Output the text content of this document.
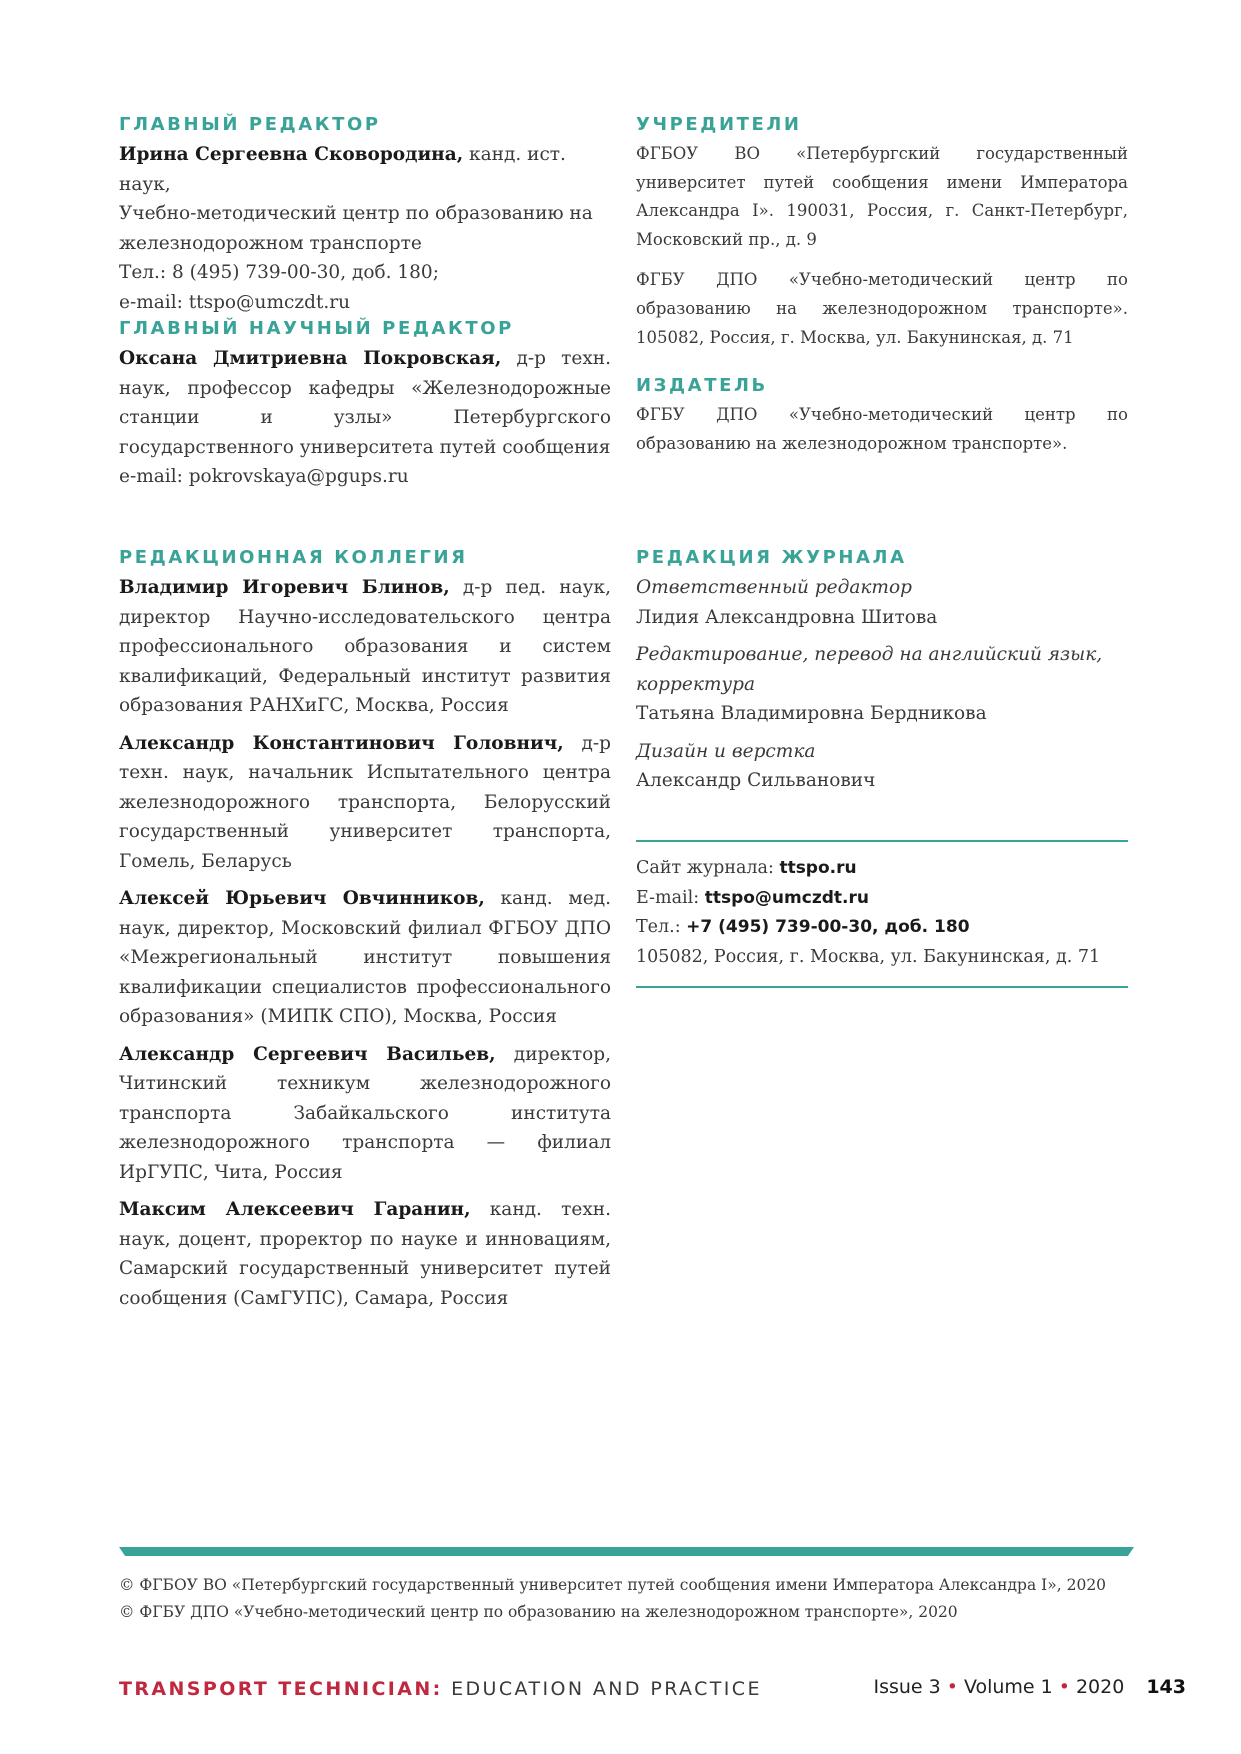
ГЛАВНЫЙ РЕДАКТОР
Ирина Сергеевна Сковородина, канд. ист. наук,
Учебно-методический центр по образованию на
железнодорожном транспорте
Тел.: 8 (495) 739-00-30, доб. 180;
e-mail: ttspo@umczdt.ru
ГЛАВНЫЙ НАУЧНЫЙ РЕДАКТОР
Оксана Дмитриевна Покровская, д-р техн. наук, профессор кафедры «Железнодорожные станции и узлы» Петербургского государственного университета путей сообщения
e-mail: pokrovskaya@pgups.ru
РЕДАКЦИОННАЯ КОЛЛЕГИЯ

Владимир Игоревич Блинов, д-р пед. наук, директор Научно-исследовательского центра профессионального образования и систем квалификаций, Федеральный институт развития образования РАНХиГС, Москва, Россия

Александр Константинович Головнич, д-р техн. наук, начальник Испытательного центра железнодорожного транспорта, Белорусский государственный университет транспорта, Гомель, Беларусь

Алексей Юрьевич Овчинников, канд. мед. наук, директор, Московский филиал ФГБОУ ДПО «Межрегиональный институт повышения квалификации специалистов профессионального образования» (МИПК СПО), Москва, Россия

Александр Сергеевич Васильев, директор, Читинский техникум железнодорожного транспорта Забайкальского института железнодорожного транспорта — филиал ИрГУПС, Чита, Россия

Максим Алексеевич Гаранин, канд. техн. наук, доцент, проректор по науке и инновациям, Самарский государственный университет путей сообщения (СамГУПС), Самара, Россия

УЧРЕДИТЕЛИ

ФГБОУ ВО «Петербургский государственный университет путей сообщения имени Императора Александра I». 190031, Россия, г. Санкт-Петербург, Московский пр., д. 9

ФГБУ ДПО «Учебно-методический центр по образованию на железнодорожном транспорте». 105082, Россия, г. Москва, ул. Бакунинская, д. 71

ИЗДАТЕЛЬ

ФГБУ ДПО «Учебно-методический центр по образованию на железнодорожном транспорте».

РЕДАКЦИЯ ЖУРНАЛА
Ответственный редактор
Лидия Александровна Шитова
Редактирование, перевод на английский язык, корректура
Татьяна Владимировна Бердникова
Дизайн и верстка
Александр Сильванович
Сайт журнала: ttspo.ru
E-mail: ttspo@umczdt.ru
Тел.: +7 (495) 739-00-30, доб. 180
105082, Россия, г. Москва, ул. Бакунинская, д. 71
© ФГБОУ ВО «Петербургский государственный университет путей сообщения имени Императора Александра I», 2020
© ФГБУ ДПО «Учебно-методический центр по образованию на железнодорожном транспорте», 2020
TRANSPORT TECHNICIAN: EDUCATION AND PRACTICE	Issue 3 • Volume 1 • 2020 143
